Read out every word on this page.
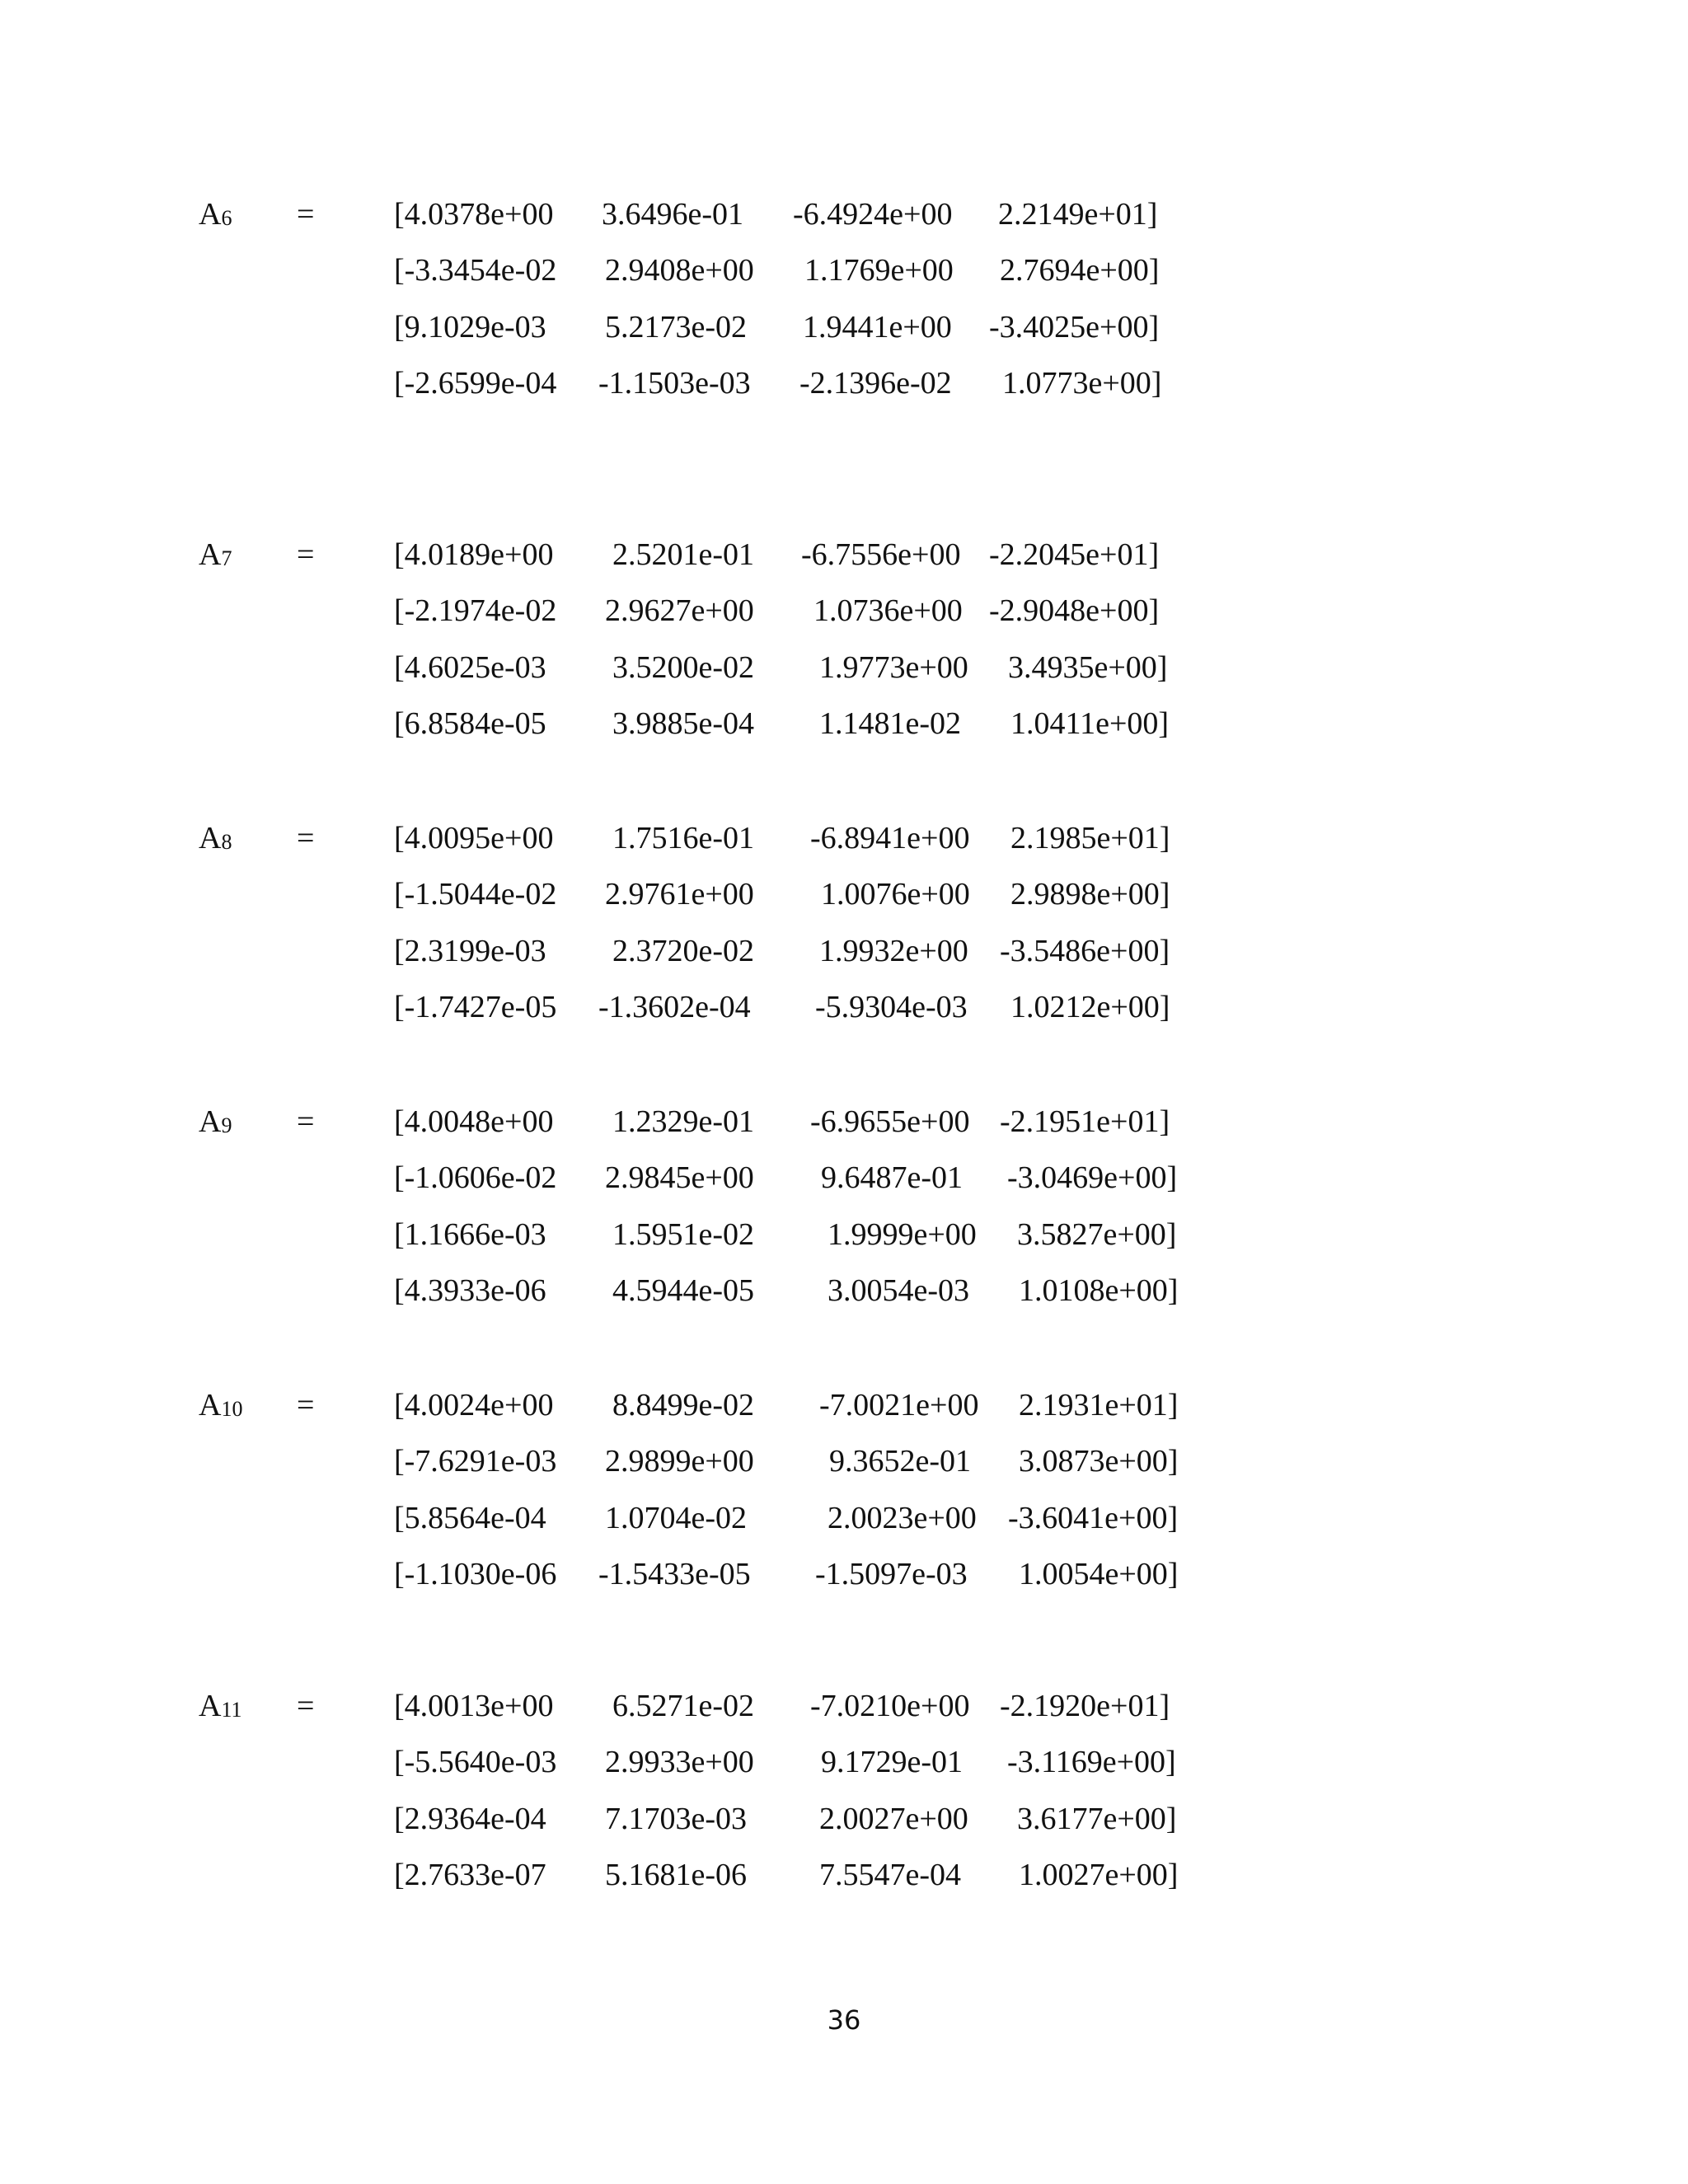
$A_6$ =	[4.0378e+00 3.6496e-01 -6.4924e+00 2.2149e+01]
[-3.3454e-02 2.9408e+00 1.1769e+00 2.7694e+00]
[9.1029e-03 5.2173e-02 1.9441e+00 -3.4025e+00]
[-2.6599e-04 -1.1503e-03 -2.1396e-02 1.0773e+00]
$A_7$ =	[4.0189e+00 2.5201e-01 -6.7556e+00 -2.2045e+01]
[-2.1974e-02 2.9627e+00 1.0736e+00 -2.9048e+00]
[4.6025e-03 3.5200e-02 1.9773e+00 3.4935e+00]
[6.8584e-05 3.9885e-04 1.1481e-02 1.0411e+00]
$A_8$ =	[4.0095e+00 1.7516e-01 -6.8941e+00 2.1985e+01]
[-1.5044e-02 2.9761e+00 1.0076e+00 2.9898e+00]
[2.3199e-03 2.3720e-02 1.9932e+00 -3.5486e+00]
[-1.7427e-05 -1.3602e-04 -5.9304e-03 1.0212e+00]
$A_9$ =	[4.0048e+00 1.2329e-01 -6.9655e+00 -2.1951e+01]
[-1.0606e-02 2.9845e+00 9.6487e-01 -3.0469e+00]
[1.1666e-03 1.5951e-02 1.9999e+00 3.5827e+00]
[4.3933e-06 4.5944e-05 3.0054e-03 1.0108e+00]
$A_{10}$ =	[4.0024e+00 8.8499e-02 -7.0021e+00 2.1931e+01]
[-7.6291e-03 2.9899e+00 9.3652e-01 3.0873e+00]
[5.8564e-04 1.0704e-02	2.0023e+00 -3.6041e+00]
[-1.1030e-06 -1.5433e-05 -1.5097e-03 1.0054e+00]
$A_{11}$ =	[4.0013e+00 6.5271e-02 -7.0210e+00 -2.1920e+01]
[-5.5640e-03 2.9933e+00 9.1729e-01 -3.1169e+00]
[2.9364e-04 7.1703e-03 2.0027e+00 3.6177e+00]
[2.7633e-07 5.1681e-06 7.5547e-04 1.0027e+00]
36
